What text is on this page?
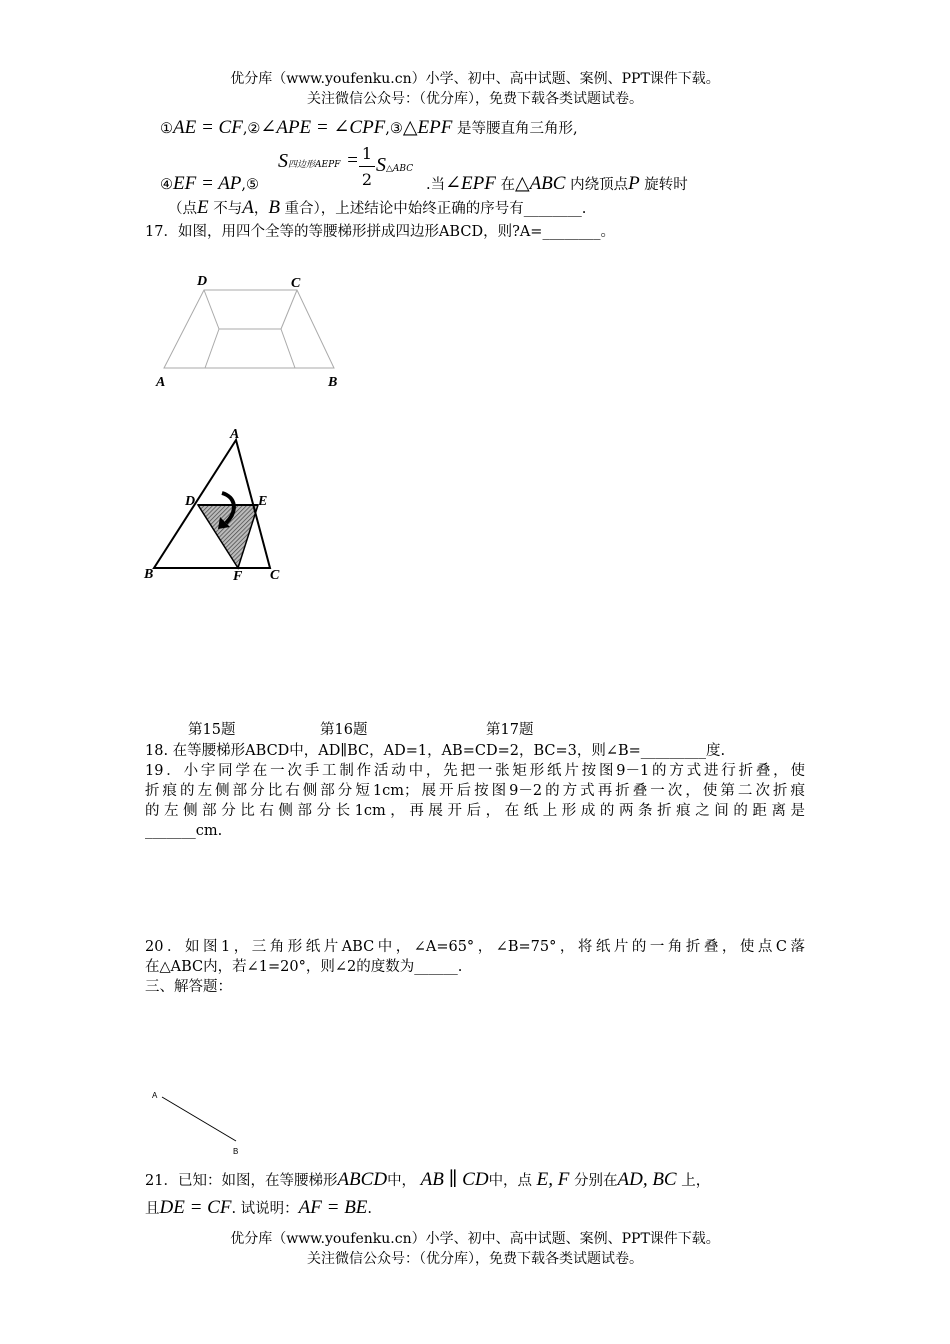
优分库（www.youfenku.cn）小学、初中、高中试题、案例、PPT课件下载。
关注微信公众号：（优分库），免费下载各类试题试卷。
①AE = CF,②∠APE = ∠CPF,③△EPF 是等腰直角三角形,
④EF = AP,⑤
S四边形AEPF = 1
2
S△ABC
.当∠EPF 在△ABC 内绕顶点P 旋转时
（点E 不与A，B 重合），上述结论中始终正确的序号有________.
17．如图，用四个全等的等腰梯形拼成四边形ABCD，则?A=________。
D	C
A	B
A
D	E
B	F C
第15题	第16题	第17题
18. 在等腰梯形ABCD中，AD∥BC，AD=1，AB=CD=2，BC=3，则∠B=_________度.
19．小宇同学在一次手工制作活动中，先把一张矩形纸片按图9－1的方式进行折叠，使
折痕的左侧部分比右侧部分短1cm；展开后按图9－2的方式再折叠一次，使第二次折痕
的左侧部分比右侧部分长1cm，再展开后，在纸上形成的两条折痕之间的距离是
_______cm.
20．如图1，三角形纸片ABC中，∠A=65°，∠B=75°，将纸片的一角折叠，使点C落
在△ABC内，若∠1=20°，则∠2的度数为______.
三、解答题：
A
B
21．已知：如图，在等腰梯形ABCD中， AB ∥ CD中，点 E, F 分别在AD, BC 上，
且DE = CF. 试说明：AF = BE.
优分库（www.youfenku.cn）小学、初中、高中试题、案例、PPT课件下载。
关注微信公众号：（优分库），免费下载各类试题试卷。
